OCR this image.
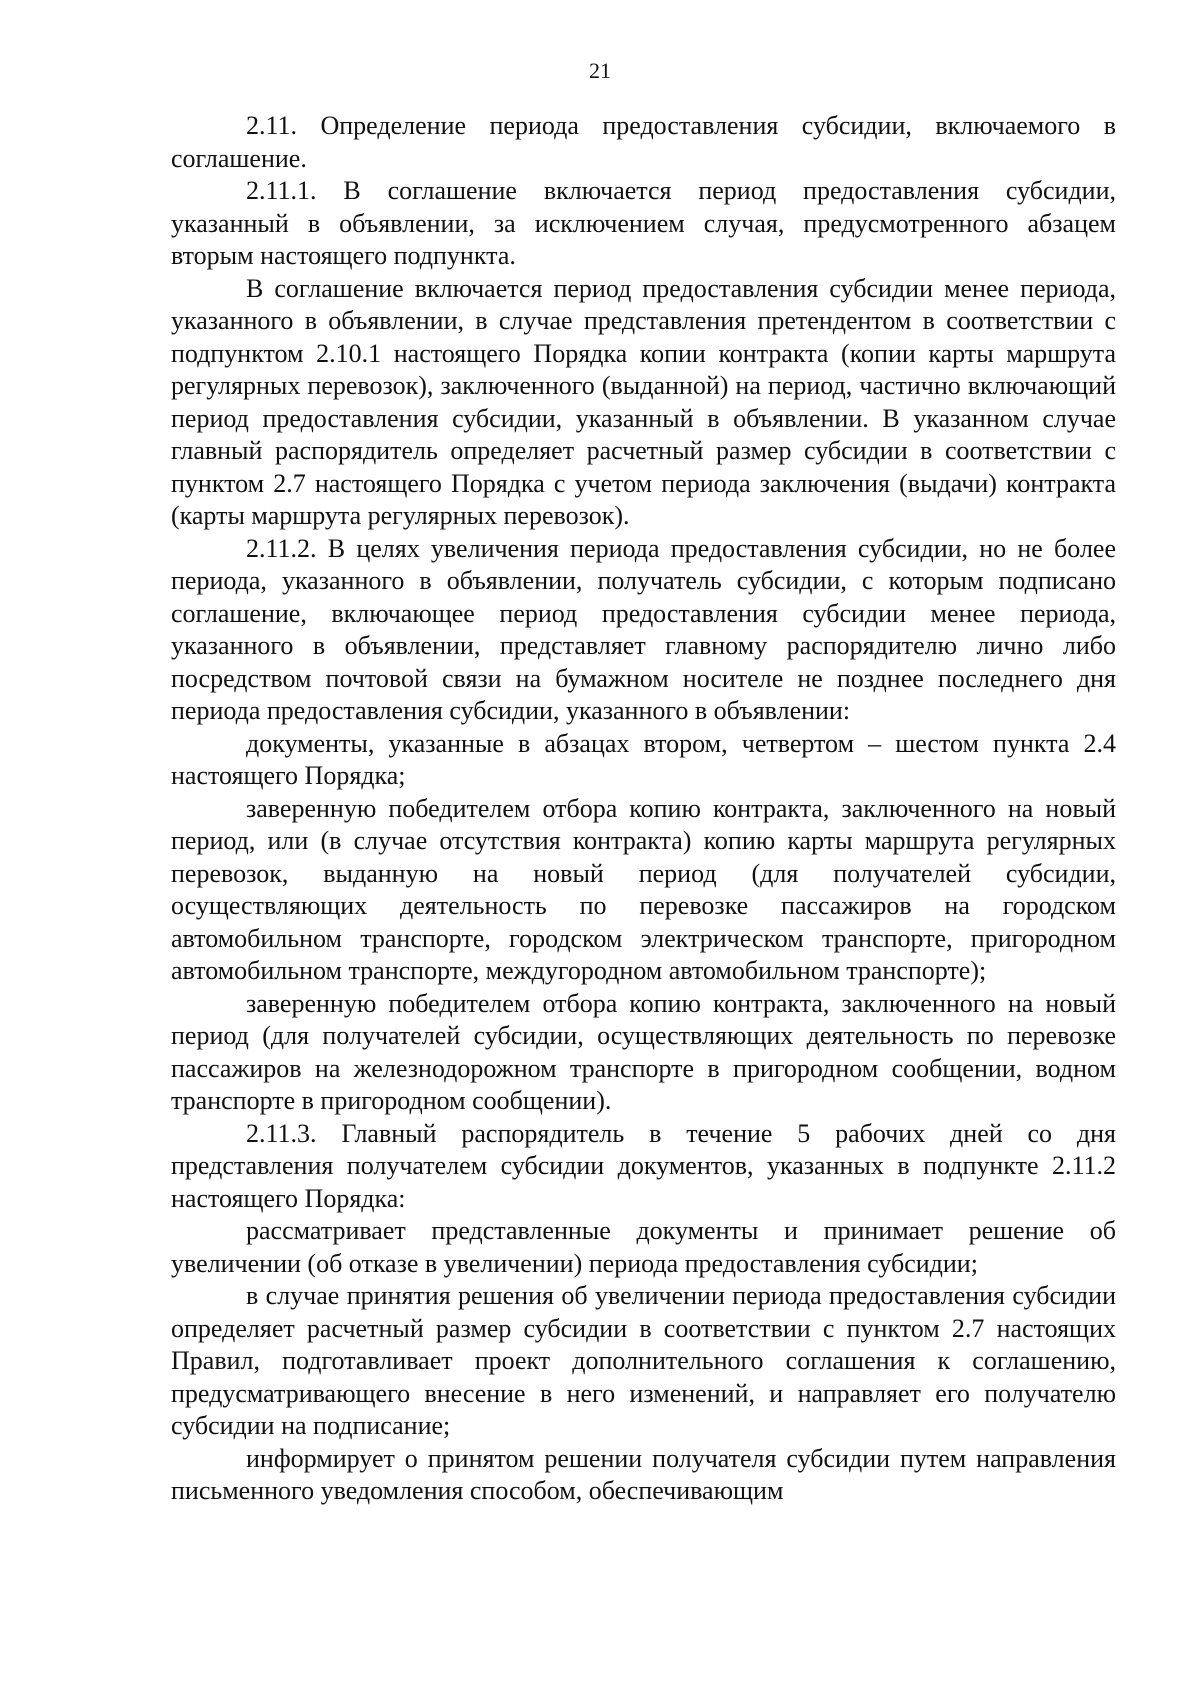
21

2.11. Определение периода предоставления субсидии, включаемого в соглашение.

2.11.1. В соглашение включается период предоставления субсидии, указанный в объявлении, за исключением случая, предусмотренного абзацем вторым настоящего подпункта.

В соглашение включается период предоставления субсидии менее периода, указанного в объявлении, в случае представления претендентом в соответствии с подпунктом 2.10.1 настоящего Порядка копии контракта (копии карты маршрута регулярных перевозок), заключенного (выданной) на период, частично включающий период предоставления субсидии, указанный в объявлении. В указанном случае главный распорядитель определяет расчетный размер субсидии в соответствии с пунктом 2.7 настоящего Порядка с учетом периода заключения (выдачи) контракта (карты маршрута регулярных перевозок).

2.11.2. В целях увеличения периода предоставления субсидии, но не более периода, указанного в объявлении, получатель субсидии, с которым подписано соглашение, включающее период предоставления субсидии менее периода, указанного в объявлении, представляет главному распорядителю лично либо посредством почтовой связи на бумажном носителе не позднее последнего дня периода предоставления субсидии, указанного в объявлении:

документы, указанные в абзацах втором, четвертом – шестом пункта 2.4 настоящего Порядка;

заверенную победителем отбора копию контракта, заключенного на новый период, или (в случае отсутствия контракта) копию карты маршрута регулярных перевозок, выданную на новый период (для получателей субсидии, осуществляющих деятельность по перевозке пассажиров на городском автомобильном транспорте, городском электрическом транспорте, пригородном автомобильном транспорте, междугородном автомобильном транспорте);

заверенную победителем отбора копию контракта, заключенного на новый период (для получателей субсидии, осуществляющих деятельность по перевозке пассажиров на железнодорожном транспорте в пригородном сообщении, водном транспорте в пригородном сообщении).

2.11.3. Главный распорядитель в течение 5 рабочих дней со дня представления получателем субсидии документов, указанных в подпункте 2.11.2 настоящего Порядка:

рассматривает представленные документы и принимает решение об увеличении (об отказе в увеличении) периода предоставления субсидии;

в случае принятия решения об увеличении периода предоставления субсидии определяет расчетный размер субсидии в соответствии с пунктом 2.7 настоящих Правил, подготавливает проект дополнительного соглашения к соглашению, предусматривающего внесение в него изменений, и направляет его получателю субсидии на подписание;

информирует о принятом решении получателя субсидии путем направления письменного уведомления способом, обеспечивающим
